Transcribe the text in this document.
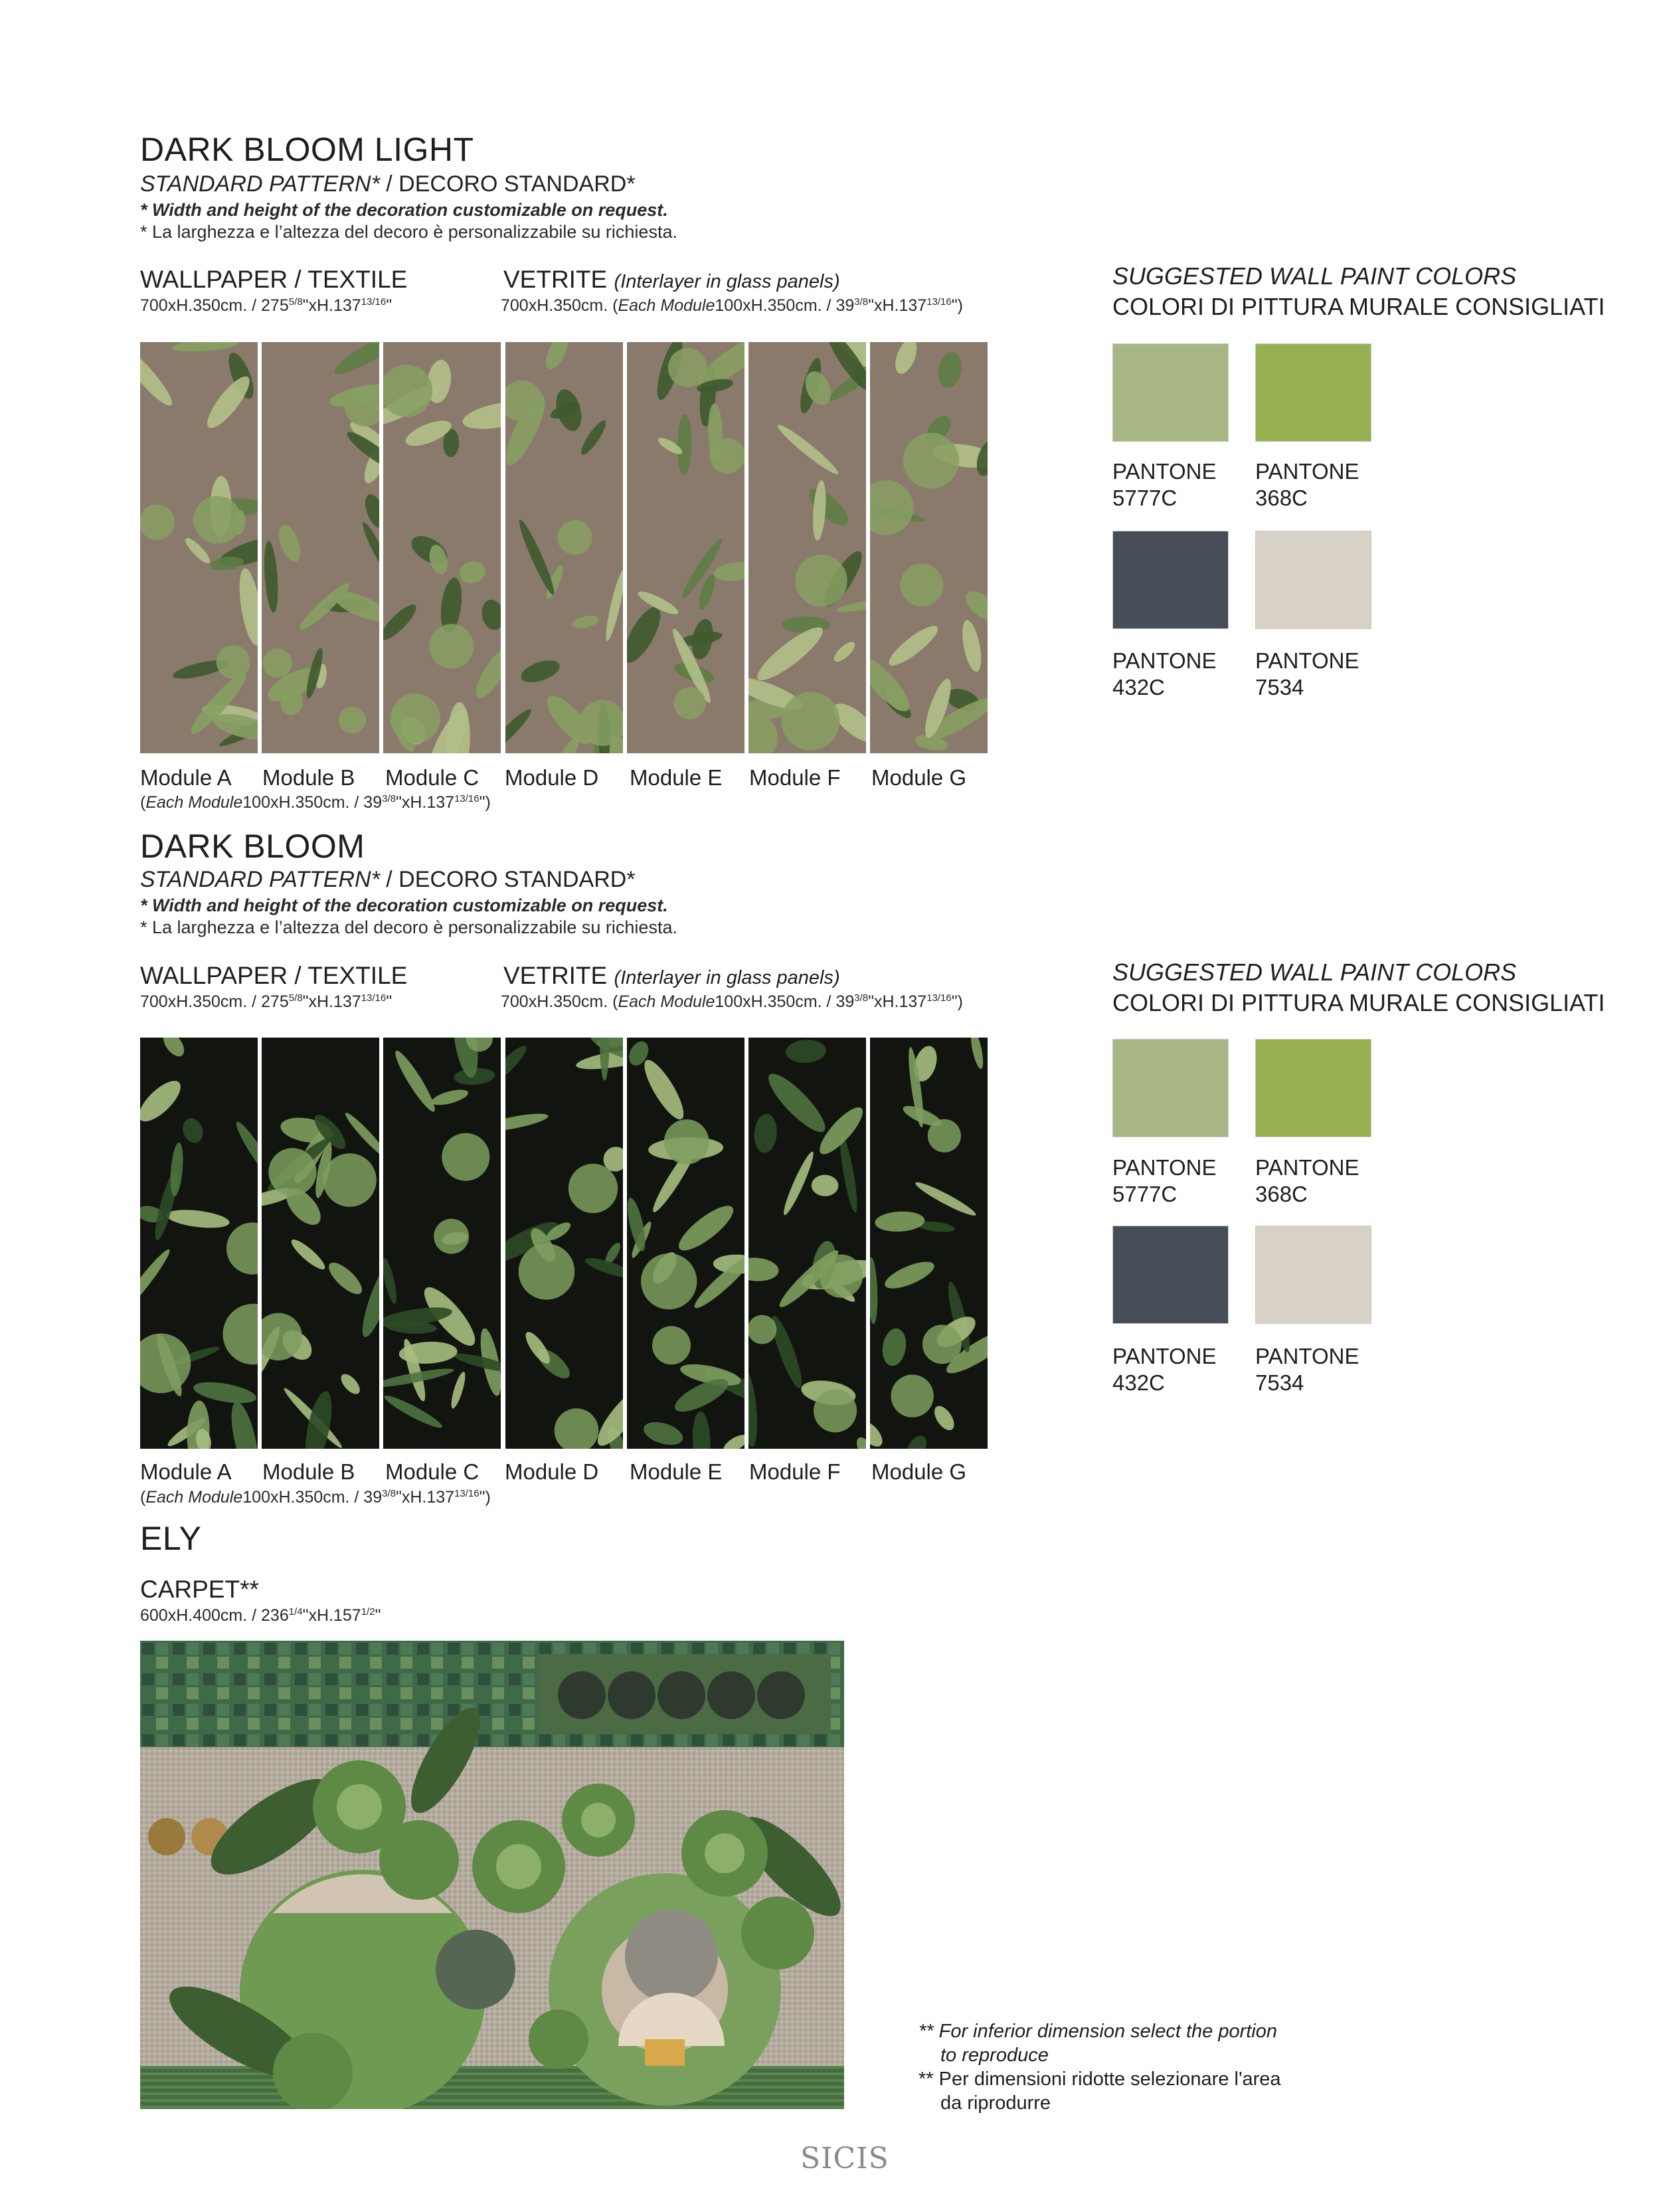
DARK BLOOM LIGHT
STANDARD PATTERN* / DECORO STANDARD*
* Width and height of the decoration customizable on request.
* La larghezza e l’altezza del decoro è personalizzabile su richiesta.
WALLPAPER / TEXTILE
700xH.350cm. / $275^{5/8}"xH.137^{13/16}$"
VETRITE (Interlayer in glass panels)
700xH.350cm. (Each Module100xH.350cm. / $39^{3/8}"xH.137^{13/16}$")
Module A Module B Module C Module D Module E Module F Module G
(Each Module100xH.350cm. / $39^{3/8}"xH.137^{13/16}$")
SUGGESTED WALL PAINT COLORS
COLORI DI PITTURA MURALE CONSIGLIATI
PANTONE
5777C
PANTONE
368C
PANTONE
432C
PANTONE
7534
DARK BLOOM
STANDARD PATTERN* / DECORO STANDARD*
* Width and height of the decoration customizable on request.
* La larghezza e l’altezza del decoro è personalizzabile su richiesta.
WALLPAPER / TEXTILE
700xH.350cm. / $275^{5/8}"xH.137^{13/16}$"
VETRITE (Interlayer in glass panels)
700xH.350cm. (Each Module100xH.350cm. / $39^{3/8}"xH.137^{13/16}$")
Module A Module B Module C Module D Module E Module F Module G
(Each Module100xH.350cm. / $39^{3/8}"xH.137^{13/16}$")
SUGGESTED WALL PAINT COLORS
COLORI DI PITTURA MURALE CONSIGLIATI
PANTONE
5777C
PANTONE
368C
PANTONE
432C
PANTONE
7534
ELY
CARPET**
600xH.400cm. / $236^{1/4}"xH.157^{1/2}$"
** For inferior dimension select the portion
to reproduce
** Per dimensioni ridotte selezionare l'area
da riprodurre
SICIS
